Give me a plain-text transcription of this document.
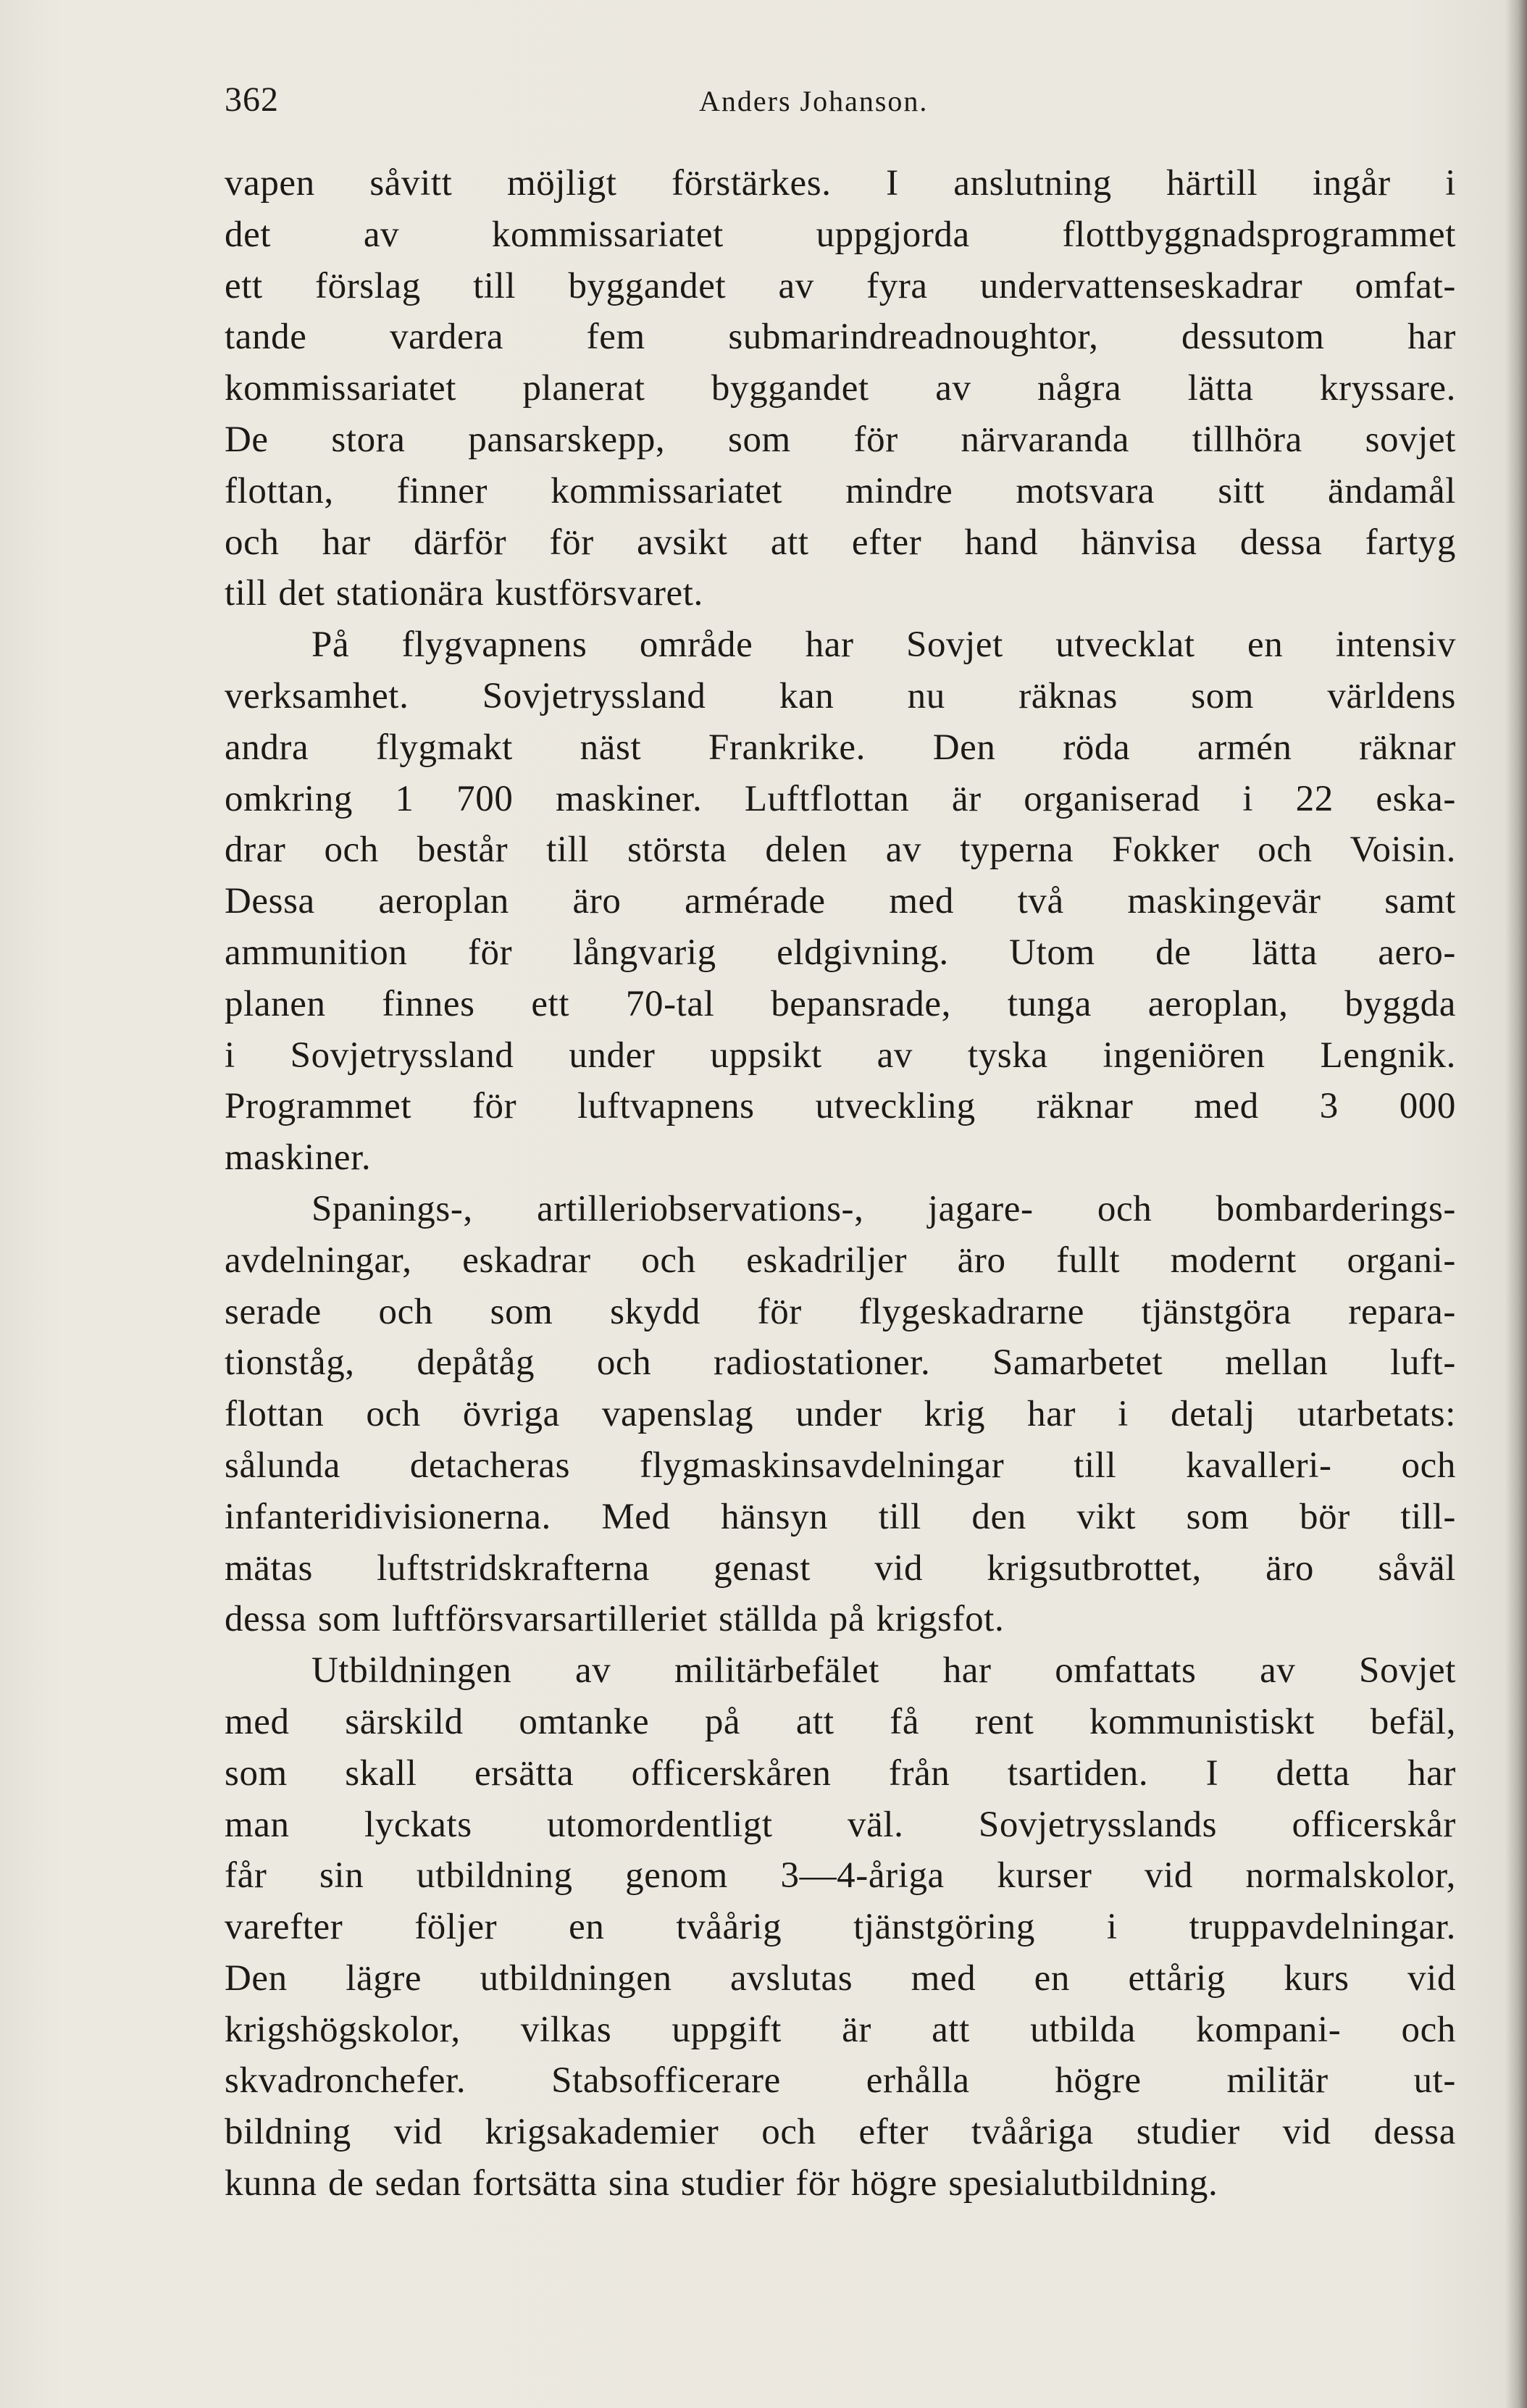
362	Anders Johanson.
vapen såvitt möjligt förstärkes. I anslutning härtill ingår i
det av kommissariatet uppgjorda flottbyggnadsprogrammet
ett förslag till byggandet av fyra undervattenseskadrar omfat-
tande vardera fem submarindreadnoughtor, dessutom har
kommissariatet planerat byggandet av några lätta kryssare.
De stora pansarskepp, som för närvaranda tillhöra sovjet
flottan, finner kommissariatet mindre motsvara sitt ändamål
och har därför för avsikt att efter hand hänvisa dessa fartyg
till det stationära kustförsvaret.
På flygvapnens område har Sovjet utvecklat en intensiv
verksamhet. Sovjetryssland kan nu räknas som världens
andra flygmakt näst Frankrike. Den röda armén räknar
omkring 1 700 maskiner. Luftflottan är organiserad i 22 eska-
drar och består till största delen av typerna Fokker och Voisin.
Dessa aeroplan äro armérade med två maskingevär samt
ammunition för långvarig eldgivning. Utom de lätta aero-
planen finnes ett 70-tal bepansrade, tunga aeroplan, byggda
i Sovjetryssland under uppsikt av tyska ingeniören Lengnik.
Programmet för luftvapnens utveckling räknar med 3 000
maskiner.
Spanings-, artilleriobservations-, jagare- och bombarderings-
avdelningar, eskadrar och eskadriljer äro fullt modernt organi-
serade och som skydd för flygeskadrarne tjänstgöra repara-
tionståg, depåtåg och radiostationer. Samarbetet mellan luft-
flottan och övriga vapenslag under krig har i detalj utarbetats:
sålunda detacheras flygmaskinsavdelningar till kavalleri- och
infanteridivisionerna. Med hänsyn till den vikt som bör till-
mätas luftstridskrafterna genast vid krigsutbrottet, äro såväl
dessa som luftförsvarsartilleriet ställda på krigsfot.
Utbildningen av militärbefälet har omfattats av Sovjet
med särskild omtanke på att få rent kommunistiskt befäl,
som skall ersätta officerskåren från tsartiden. I detta har
man lyckats utomordentligt väl. Sovjetrysslands officerskår
får sin utbildning genom 3—4-åriga kurser vid normalskolor,
varefter följer en tvåårig tjänstgöring i truppavdelningar.
Den lägre utbildningen avslutas med en ettårig kurs vid
krigshögskolor, vilkas uppgift är att utbilda kompani- och
skvadronchefer. Stabsofficerare erhålla högre militär ut-
bildning vid krigsakademier och efter tvååriga studier vid dessa
kunna de sedan fortsätta sina studier för högre spesialutbildning.
